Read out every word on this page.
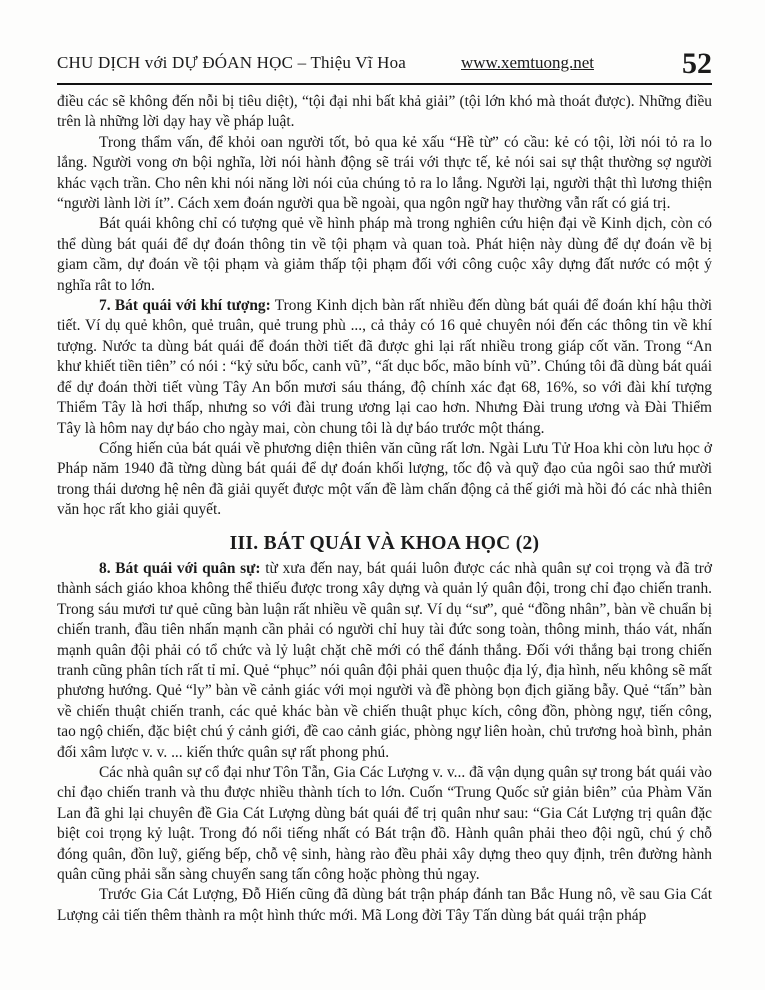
CHU DỊCH với DỰ ĐÓAN HỌC – Thiệu Vĩ Hoa	www.xemtuong.net	52

điều các sẽ không đến nỗi bị tiêu diệt), “tội đại nhi bất khả giải” (tội lớn khó mà thoát được). Những điều trên là những lời dạy hay về pháp luật.

Trong thẩm vấn, để khỏi oan người tốt, bỏ qua kẻ xấu “Hề từ” có cầu: kẻ có tội, lời nói tỏ ra lo lắng. Người vong ơn bội nghĩa, lời nói hành động sẽ trái với thực tế, kẻ nói sai sự thật thường sợ người khác vạch trần. Cho nên khi nói năng lời nói của chúng tỏ ra lo lắng. Người lại, người thật thì lương thiện “người lành lời ít”. Cách xem đoán người qua bề ngoài, qua ngôn ngữ hay thường vẫn rất có giá trị.

Bát quái không chỉ có tượng quẻ về hình pháp mà trong nghiên cứu hiện đại về Kinh dịch, còn có thể dùng bát quái để dự đoán thông tin về tội phạm và quan toà. Phát hiện này dùng để dự đoán về bị giam cầm, dự đoán về tội phạm và giảm thấp tội phạm đối với công cuộc xây dựng đất nước có một ý nghĩa rât to lớn.

7. Bát quái với khí tượng: Trong Kinh dịch bàn rất nhiều đến dùng bát quái để đoán khí hậu thời tiết. Ví dụ quẻ khôn, quẻ truân, quẻ trung phù ..., cả thảy có 16 quẻ chuyên nói đến các thông tin về khí tượng. Nước ta dùng bát quái để đoán thời tiết đã được ghi lại rất nhiều trong giáp cốt văn. Trong “An khư khiết tiền tiên” có nói : “kỷ sửu bốc, canh vũ”, “ất dục bốc, mão bính vũ”. Chúng tôi đã dùng bát quái để dự đoán thời tiết vùng Tây An bốn mươi sáu tháng, độ chính xác đạt 68, 16%, so với đài khí tượng Thiểm Tây là hơi thấp, nhưng so với đài trung ương lại cao hơn. Nhưng Đài trung ương và Đài Thiểm Tây là hôm nay dự báo cho ngày mai, còn chung tôi là dự báo trước một tháng.

Cống hiến của bát quái về phương diện thiên văn cũng rất lơn. Ngài Lưu Tử Hoa khi còn lưu học ở Pháp năm 1940 đã từng dùng bát quái để dự đoán khối lượng, tốc độ và quỹ đạo của ngôi sao thứ mười trong thái dương hệ nên đã giải quyết được một vấn đề làm chấn động cả thế giới mà hồi đó các nhà thiên văn học rất kho giải quyết.

III. BÁT QUÁI VÀ KHOA HỌC (2)

8. Bát quái với quân sự: từ xưa đến nay, bát quái luôn được các nhà quân sự coi trọng và đã trở thành sách giáo khoa không thể thiếu được trong xây dựng và quản lý quân đội, trong chỉ đạo chiến tranh. Trong sáu mươi tư quẻ cũng bàn luận rất nhiều về quân sự. Ví dụ “sư”, quẻ “đồng nhân”, bàn về chuẩn bị chiến tranh, đầu tiên nhấn mạnh cần phải có người chỉ huy tài đức song toàn, thông minh, tháo vát, nhấn mạnh quân đội phải có tổ chức và lỷ luật chặt chẽ mới có thể đánh thắng. Đối với thắng bại trong chiến tranh cũng phân tích rất tỉ mỉ. Quẻ “phục” nói quân đội phải quen thuộc địa lý, địa hình, nếu không sẽ mất phương hướng. Quẻ “ly” bàn về cảnh giác với mọi người và đề phòng bọn địch giăng bẫy. Quẻ “tấn” bàn về chiến thuật chiến tranh, các quẻ khác bàn về chiến thuật phục kích, công đồn, phòng ngự, tiến công, tao ngộ chiến, đặc biệt chú ý cảnh giới, đề cao cảnh giác, phòng ngự liên hoàn, chủ trương hoà bình, phản đối xâm lược v. v. ... kiến thức quân sự rất phong phú.

Các nhà quân sự cổ đại như Tôn Tẫn, Gia Các Lượng v. v... đã vận dụng quân sự trong bát quái vào chỉ đạo chiến tranh và thu được nhiều thành tích to lớn. Cuốn “Trung Quốc sử giản biên” của Phàm Văn Lan đã ghi lại chuyên đề Gia Cát Lượng dùng bát quái để trị quân như sau: “Gia Cát Lượng trị quân đặc biệt coi trọng kỷ luật. Trong đó nổi tiếng nhất có Bát trận đồ. Hành quân phải theo đội ngũ, chú ý chỗ đóng quân, đồn luỹ, giếng bếp, chỗ vệ sinh, hàng rào đều phải xây dựng theo quy định, trên đường hành quân cũng phải sẵn sàng chuyển sang tấn công hoặc phòng thủ ngay.

Trước Gia Cát Lượng, Đỗ Hiến cũng đã dùng bát trận pháp đánh tan Bắc Hung nô, về sau Gia Cát Lượng cải tiến thêm thành ra một hình thức mới. Mã Long đời Tây Tấn dùng bát quái trận pháp
